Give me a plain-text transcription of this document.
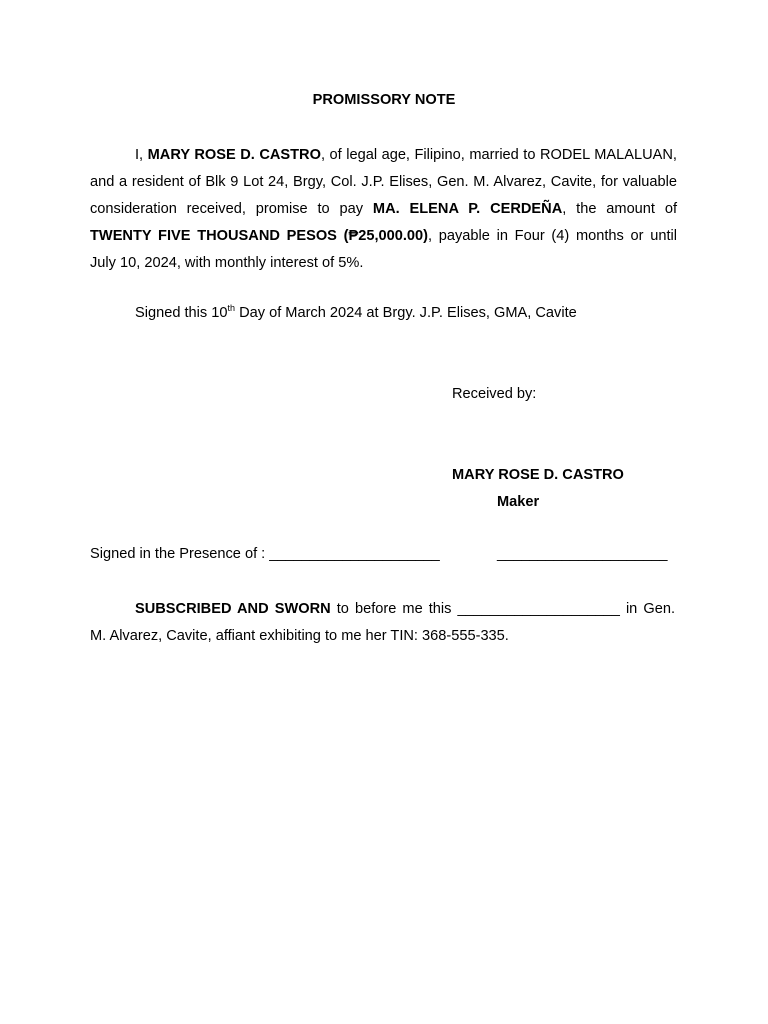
PROMISSORY NOTE
I, MARY ROSE D. CASTRO, of legal age, Filipino, married to RODEL MALALUAN, and a resident of Blk 9 Lot 24, Brgy, Col. J.P. Elises, Gen. M. Alvarez, Cavite, for valuable consideration received, promise to pay MA. ELENA P. CERDEÑA, the amount of TWENTY FIVE THOUSAND PESOS (₱25,000.00), payable in Four (4) months or until July 10, 2024, with monthly interest of 5%.
Signed this 10th Day of March 2024 at Brgy. J.P. Elises, GMA, Cavite
Received by:
MARY ROSE D. CASTRO
Maker
Signed in the Presence of : _____________________	_____________________
SUBSCRIBED AND SWORN to before me this ____________________ in Gen. M. Alvarez, Cavite, affiant exhibiting to me her TIN: 368-555-335.
